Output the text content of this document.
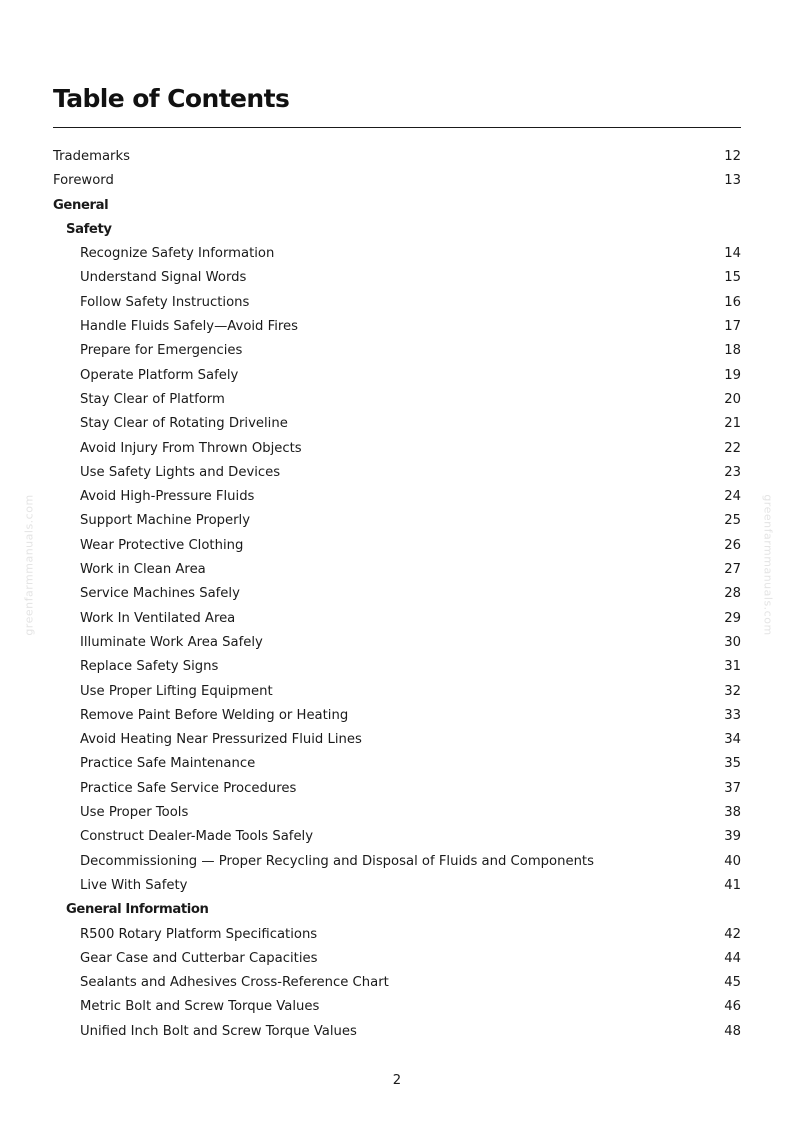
Table of Contents
Trademarks	12
Foreword	13
General
Safety
Recognize Safety Information	14
Understand Signal Words	15
Follow Safety Instructions	16
Handle Fluids Safely—Avoid Fires	17
Prepare for Emergencies	18
Operate Platform Safely	19
Stay Clear of Platform	20
Stay Clear of Rotating Driveline	21
Avoid Injury From Thrown Objects	22
Use Safety Lights and Devices	23
Avoid High-Pressure Fluids	24
Support Machine Properly	25
Wear Protective Clothing	26
Work in Clean Area	27
Service Machines Safely	28
Work In Ventilated Area	29
Illuminate Work Area Safely	30
Replace Safety Signs	31
Use Proper Lifting Equipment	32
Remove Paint Before Welding or Heating	33
Avoid Heating Near Pressurized Fluid Lines	34
Practice Safe Maintenance	35
Practice Safe Service Procedures	37
Use Proper Tools	38
Construct Dealer-Made Tools Safely	39
Decommissioning — Proper Recycling and Disposal of Fluids and Components	40
Live With Safety	41
General Information
R500 Rotary Platform Specifications	42
Gear Case and Cutterbar Capacities	44
Sealants and Adhesives Cross-Reference Chart	45
Metric Bolt and Screw Torque Values	46
Unified Inch Bolt and Screw Torque Values	48
2
greenfarmmanuals.com	greenfarmmanuals.com
